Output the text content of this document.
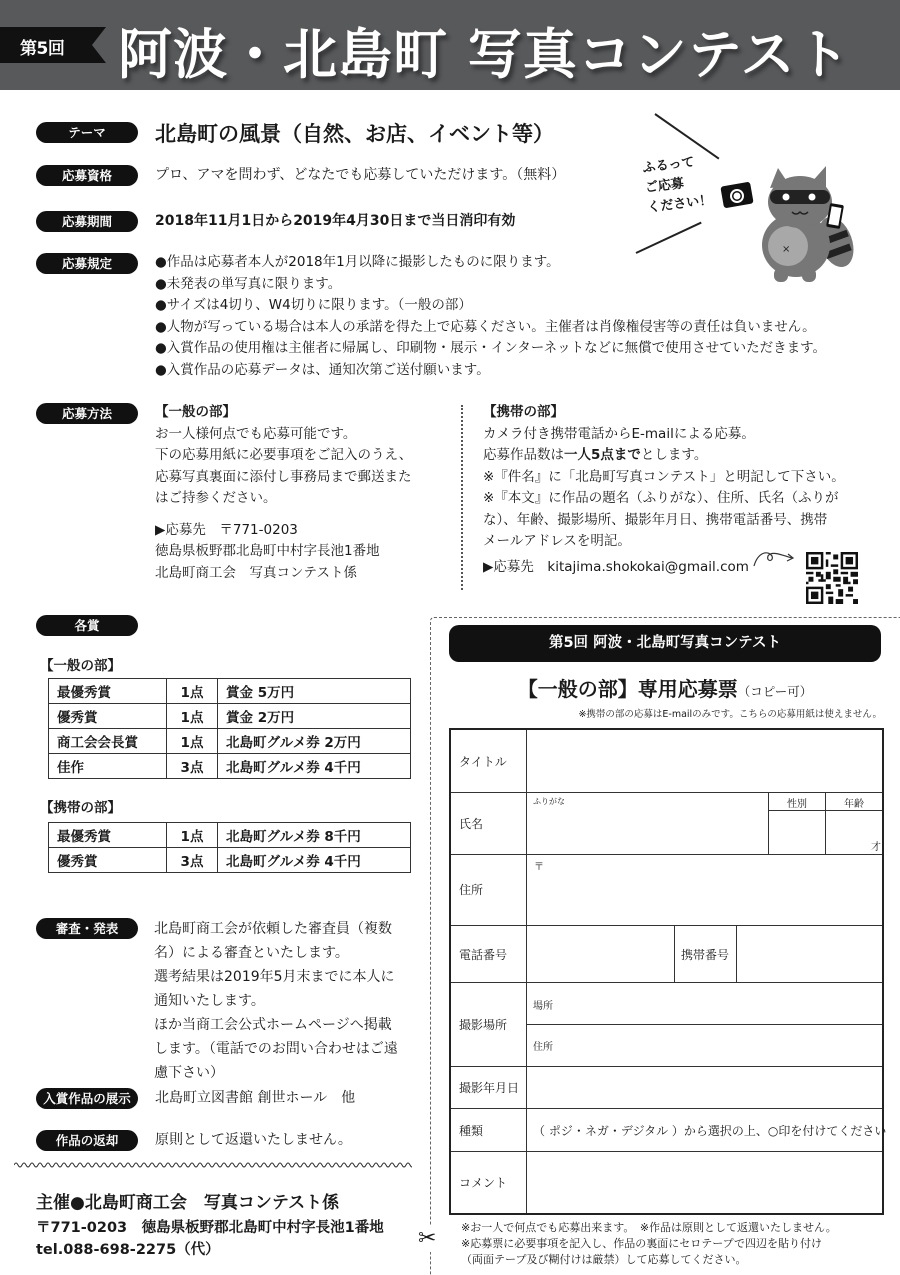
第5回 阿波・北島町 写真コンテスト
テーマ	北島町の風景（自然、お店、イベント等）
応募資格	プロ、アマを問わず、どなたでも応募していただけます。（無料）
応募期間	2018年11月1日から2019年4月30日まで当日消印有効
ふるって
ご応募
ください！
×
応募規定	●作品は応募者本人が2018年1月以降に撮影したものに限ります。
●未発表の単写真に限ります。
●サイズは4切り、W4切りに限ります。（一般の部）
●人物が写っている場合は本人の承諾を得た上で応募ください。主催者は肖像権侵害等の責任は負いません。
●入賞作品の使用権は主催者に帰属し、印刷物・展示・インターネットなどに無償で使用させていただきます。
●入賞作品の応募データは、通知次第ご送付願います。
応募方法	【一般の部】
お一人様何点でも応募可能です。
下の応募用紙に必要事項をご記入のうえ、
応募写真裏面に添付し事務局まで郵送また
はご持参ください。
▶応募先　〒771-0203
徳島県板野郡北島町中村字長池1番地
北島町商工会　写真コンテスト係
【携帯の部】
カメラ付き携帯電話からE-mailによる応募。
応募作品数は一人5点までとします。
※『件名』に「北島町写真コンテスト」と明記して下さい。
※『本文』に作品の題名（ふりがな）、住所、氏名（ふりが
な）、年齢、撮影場所、撮影年月日、携帯電話番号、携帯
メールアドレスを明記。
▶応募先　kitajima.shokokai@gmail.com
各賞
【一般の部】
最優秀賞	1点	賞金 5万円
優秀賞	1点	賞金 2万円
商工会会長賞	1点	北島町グルメ券 2万円
佳作	3点	北島町グルメ券 4千円
【携帯の部】
最優秀賞	1点	北島町グルメ券 8千円
優秀賞	3点	北島町グルメ券 4千円
審査・発表	北島町商工会が依頼した審査員（複数
名）による審査といたします。
選考結果は2019年5月末までに本人に
通知いたします。
ほか当商工会公式ホームページへ掲載
します。（電話でのお問い合わせはご遠
慮下さい）
入賞作品の展示	北島町立図書館 創世ホール　他
作品の返却	原則として返還いたしません。
主催●北島町商工会　写真コンテスト係
〒771-0203　徳島県板野郡北島町中村字長池1番地
tel.088-698-2275（代）	✂
第5回 阿波・北島町写真コンテスト
【一般の部】専用応募票（コピー可）
※携帯の部の応募はE-mailのみです。こちらの応募用紙は使えません。
タイトル
氏名
ふりがな	性別	年齢
才
住所
〒
電話番号	携帯番号
撮影場所
場所
住所
撮影年月日
種類	（ ポジ・ネガ・デジタル ）から選択の上、○印を付けてください
コメント
※お一人で何点でも応募出来ます。　※作品は原則として返還いたしません。
※応募票に必要事項を記入し、作品の裏面にセロテープで四辺を貼り付け
（両面テープ及び糊付けは厳禁）して応募してください。
